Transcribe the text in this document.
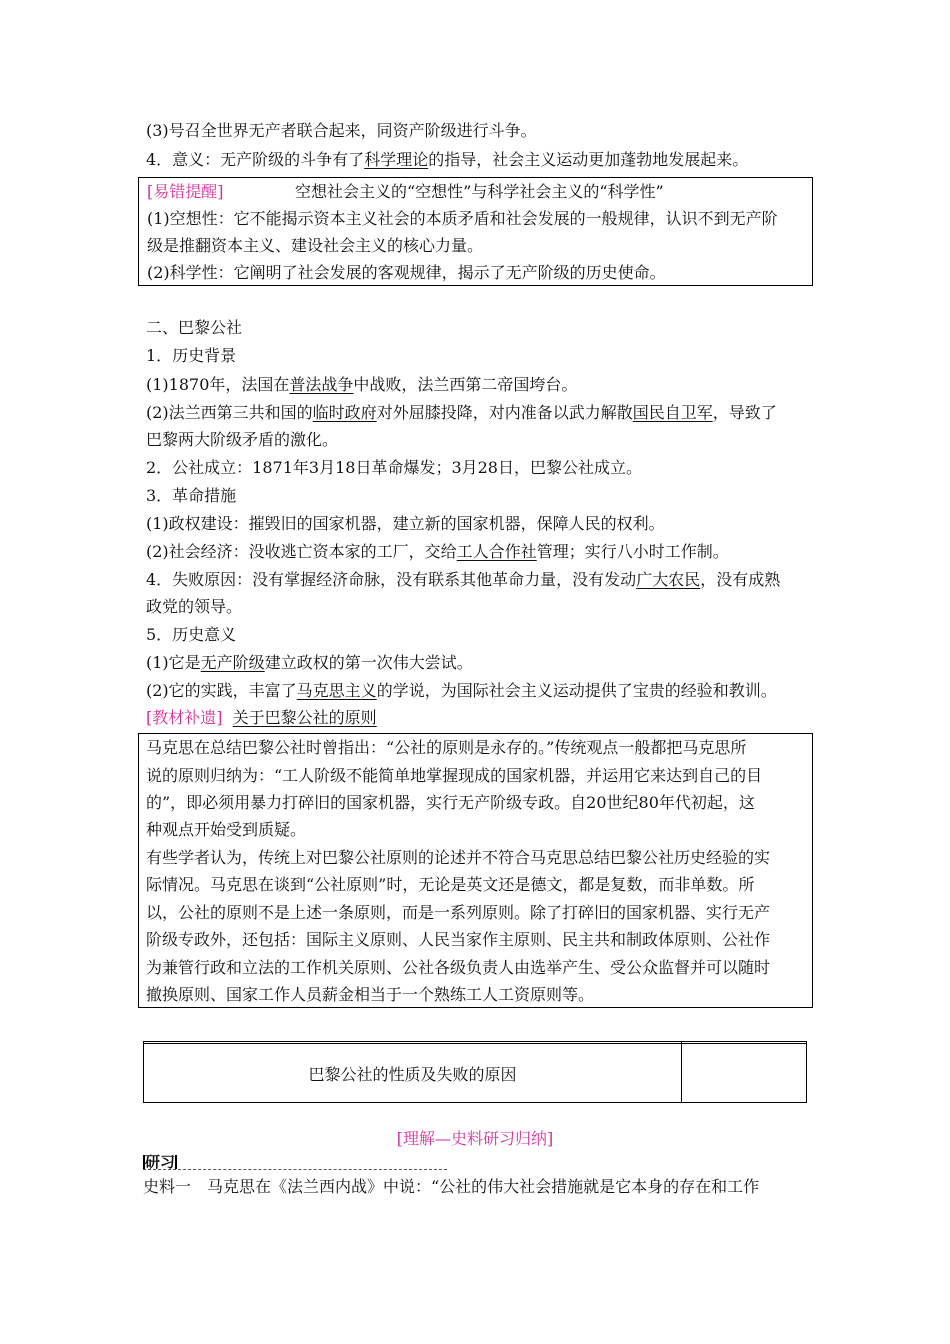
(3)号召全世界无产者联合起来，同资产阶级进行斗争。
4．意义：无产阶级的斗争有了科学理论的指导，社会主义运动更加蓬勃地发展起来。
[易错提醒]	空想社会主义的“空想性”与科学社会主义的“科学性”
(1)空想性：它不能揭示资本主义社会的本质矛盾和社会发展的一般规律，认识不到无产阶
级是推翻资本主义、建设社会主义的核心力量。
(2)科学性：它阐明了社会发展的客观规律，揭示了无产阶级的历史使命。
二、巴黎公社
1．历史背景
(1)1870年，法国在普法战争中战败，法兰西第二帝国垮台。
(2)法兰西第三共和国的临时政府对外屈膝投降，对内准备以武力解散国民自卫军，导致了
巴黎两大阶级矛盾的激化。
2．公社成立：1871年3月18日革命爆发；3月28日，巴黎公社成立。
3．革命措施
(1)政权建设：摧毁旧的国家机器，建立新的国家机器，保障人民的权利。
(2)社会经济：没收逃亡资本家的工厂，交给工人合作社管理；实行八小时工作制。
4．失败原因：没有掌握经济命脉，没有联系其他革命力量，没有发动广大农民，没有成熟
政党的领导。
5．历史意义
(1)它是无产阶级建立政权的第一次伟大尝试。
(2)它的实践，丰富了马克思主义的学说，为国际社会主义运动提供了宝贵的经验和教训。
[教材补遗] 关于巴黎公社的原则
马克思在总结巴黎公社时曾指出：“公社的原则是永存的。”传统观点一般都把马克思所
说的原则归纳为：“工人阶级不能简单地掌握现成的国家机器，并运用它来达到自己的目
的”，即必须用暴力打碎旧的国家机器，实行无产阶级专政。自20世纪80年代初起，这
种观点开始受到质疑。
有些学者认为，传统上对巴黎公社原则的论述并不符合马克思总结巴黎公社历史经验的实
际情况。马克思在谈到“公社原则”时，无论是英文还是德文，都是复数，而非单数。所
以，公社的原则不是上述一条原则，而是一系列原则。除了打碎旧的国家机器、实行无产
阶级专政外，还包括：国际主义原则、人民当家作主原则、民主共和制政体原则、公社作
为兼管行政和立法的工作机关原则、公社各级负责人由选举产生、受公众监督并可以随时
撤换原则、国家工作人员薪金相当于一个熟练工人工资原则等。

巴黎公社的性质及失败的原因	
[理解—史料研习归纳]
研习
史料一　马克思在《法兰西内战》中说：“公社的伟大社会措施就是它本身的存在和工作
